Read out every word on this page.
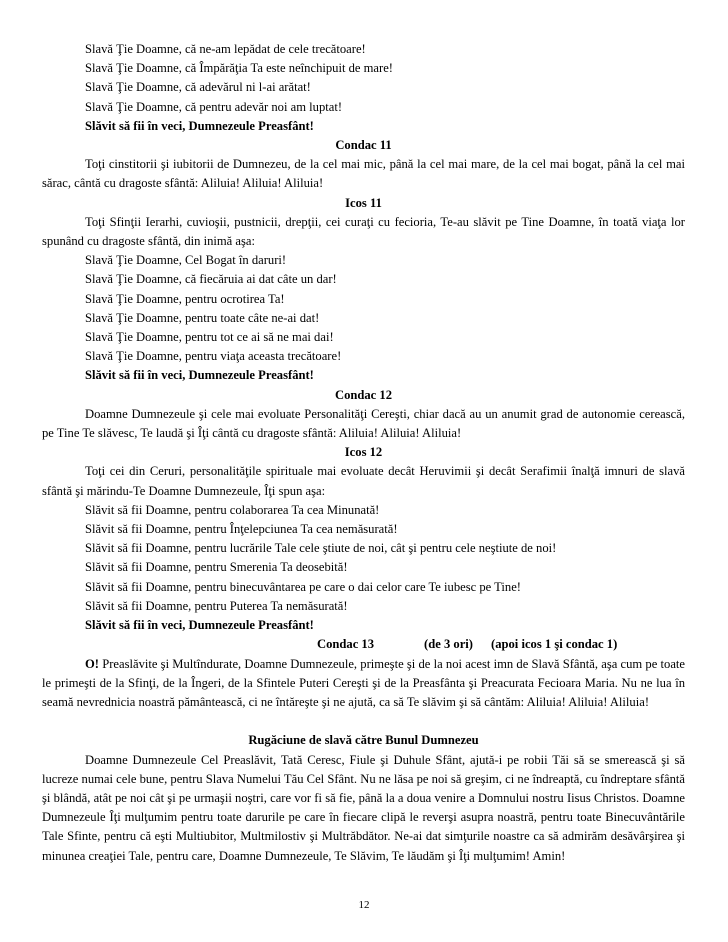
Slavă Ţie Doamne, că ne-am lepădat de cele trecătoare!

Slavă Ţie Doamne, că Împărăţia Ta este neînchipuit de mare!

Slavă Ţie Doamne, că adevărul ni l-ai arătat!

Slavă Ţie Doamne, că pentru adevăr noi am luptat!

Slăvit să fii în veci, Dumnezeule Preasfânt!

Condac 11

Toţi cinstitorii şi iubitorii de Dumnezeu, de la cel mai mic, până la cel mai mare, de la cel mai bogat, până la cel mai sărac, cântă cu dragoste sfântă: Aliluia! Aliluia! Aliluia!

Icos 11

Toţi Sfinţii Ierarhi, cuvioşii, pustnicii, drepţii, cei curaţi cu fecioria, Te-au slăvit pe Tine Doamne, în toată viaţa lor spunând cu dragoste sfântă, din inimă aşa:

Slavă Ţie Doamne, Cel Bogat în daruri!

Slavă Ţie Doamne, că fiecăruia ai dat câte un dar!

Slavă Ţie Doamne, pentru ocrotirea Ta!

Slavă Ţie Doamne, pentru toate câte ne-ai dat!

Slavă Ţie Doamne, pentru tot ce ai să ne mai dai!

Slavă Ţie Doamne, pentru viaţa aceasta trecătoare!

Slăvit să fii în veci, Dumnezeule Preasfânt!

Condac 12

Doamne Dumnezeule şi cele mai evoluate Personalităţi Cereşti, chiar dacă au un anumit grad de autonomie cerească, pe Tine Te slăvesc, Te laudă şi Îţi cântă cu dragoste sfântă: Aliluia! Aliluia! Aliluia!

Icos 12

Toţi cei din Ceruri, personalităţile spirituale mai evoluate decât Heruvimii şi decât Serafimii înalţă imnuri de slavă sfântă şi mărindu-Te Doamne Dumnezeule, Îţi spun aşa:

Slăvit să fii Doamne, pentru colaborarea Ta cea Minunată!

Slăvit să fii Doamne, pentru Înţelepciunea Ta cea nemăsurată!

Slăvit să fii Doamne, pentru lucrările Tale cele ştiute de noi, cât şi pentru cele neştiute de noi!

Slăvit să fii Doamne, pentru Smerenia Ta deosebită!

Slăvit să fii Doamne, pentru binecuvântarea pe care o dai celor care Te iubesc pe Tine!

Slăvit să fii Doamne, pentru Puterea Ta nemăsurată!

Slăvit să fii în veci, Dumnezeule Preasfânt!

Condac 13	(de 3 ori) (apoi icos 1 şi condac 1)

O! Preaslăvite şi Multîndurate, Doamne Dumnezeule, primeşte şi de la noi acest imn de Slavă Sfântă, aşa cum pe toate le primeşti de la Sfinţi, de la Îngeri, de la Sfintele Puteri Cereşti şi de la Preasfânta şi Preacurata Fecioara Maria. Nu ne lua în seamă nevrednicia noastră pământească, ci ne întăreşte şi ne ajută, ca să Te slăvim şi să cântăm: Aliluia! Aliluia! Aliluia!

Rugăciune de slavă către Bunul Dumnezeu

Doamne Dumnezeule Cel Preaslăvit, Tată Ceresc, Fiule şi Duhule Sfânt, ajută-i pe robii Tăi să se smerească şi să lucreze numai cele bune, pentru Slava Numelui Tău Cel Sfânt. Nu ne lăsa pe noi să greşim, ci ne îndreaptă, cu îndreptare sfântă şi blândă, atât pe noi cât şi pe urmaşii noştri, care vor fi să fie, până la a doua venire a Domnului nostru Iisus Christos. Doamne Dumnezeule Îţi mulţumim pentru toate darurile pe care în fiecare clipă le reverşi asupra noastră, pentru toate Binecuvântările Tale Sfinte, pentru că eşti Multiubitor, Multmilostiv şi Multrăbdător. Ne-ai dat simţurile noastre ca să admirăm desăvârşirea şi minunea creaţiei Tale, pentru care, Doamne Dumnezeule, Te Slăvim, Te lăudăm şi Îţi mulţumim! Amin!

12
